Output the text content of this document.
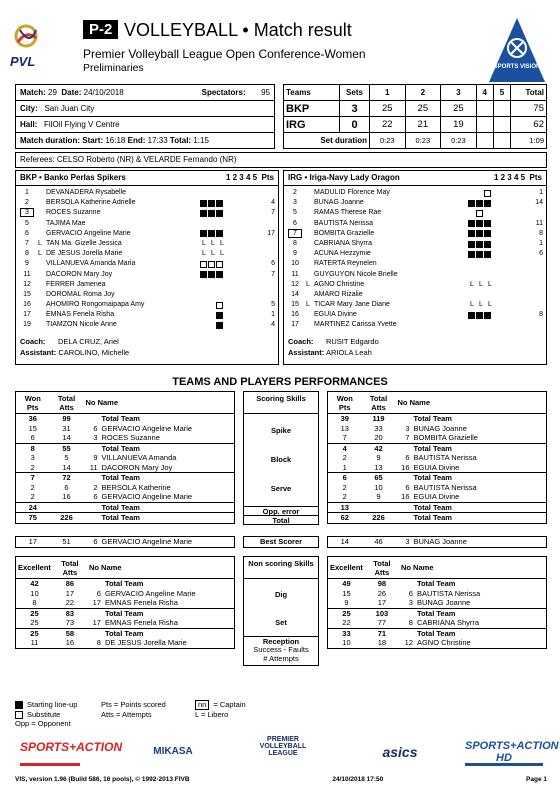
PVL
P-2 VOLLEYBALL • Match result
Premier Volleyball League Open Conference-Women
Preliminaries	SPORTS VISION
Match: 29 Date: 24/10/2018	Spectators:	95
City: San Juan City
Hall: FilOil Flying V Centre
Match duration: Start: 16:18 End: 17:33 Total: 1:15
Teams	Sets	1	2	3	4	5	Total
BKP	3	25	25	25			75
IRG	0	22	21	19			62
Set duration		0:23	0:23	0:23			1:09
Referees: CELSO Roberto (NR) & VELARDE Fernando (NR)
BKP • Banko Perlas Spikers	1 2 3 4 5 Pts
1	DEVANADERA Rysabelle
2	BERSOLA Katherine Adrielle	4
3	ROCES Suzanne	7
5	TAJIMA Mae
6	GERVACIO Angeline Marie	17
7	L TAN Ma. Gizelle Jessica	L L L
8	L DE JESUS Jorella Marie	L L L
9	VILLANUEVA Amanda Maria	6
11	DACORON Mary Joy	7
12	FERRER Jamenea
15	DOROMAL Roma Joy
16	AHOMIRO Rongomaipapa Amy	5
17	EMNAS Fenela Risha	1
19	TIAMZON Nicole Anne	4
Coach: DELA CRUZ, Ariel
Assistant: CAROLINO, Michelle
IRG • Iriga-Navy Lady Oragon	1 2 3 4 5 Pts
2	MADULID Florence May	1
3	BUNAG Joanne	14
5	RAMAS Therese Rae
6	BAUTISTA Nerissa	11
7	BOMBITA Grazielle	8
8	CABRIANA Shyrra	1
9	ACUNA Hezzymie	6
10	RATERTA Reynelen
11	GUYGUYON Nicole Brielle
12	L AGNO Christine	L L L
14	AMARO Rizalie
15	L TICAR Mary Jane Diane	L L L
16	EGUIA Divine	8
17	MARTINEZ Carissa Yvette
Coach: RUSIT Edgardo
Assistant: ARIOLA Leah
TEAMS AND PLAYERS PERFORMANCES
Won Pts	Total Atts	No Name	
36	99		Total Team
15	31	6	GERVACIO Angeline Marie
6	14	3	ROCES Suzanne
8	55		Total Team
3	5	9	VILLANUEVA Amanda
2	14	11	DACORON Mary Joy
7	72		Total Team
2	6	2	BERSOLA Katherine
2	16	6	GERVACIO Angeline Marie
24			Total Team
75	226		Total Team
Won Pts	Total Atts	No Name	
39	119		Total Team
13	33	3	BUNAG Joanne
7	20	7	BOMBITA Grazielle
4	42		Total Team
2	9	6	BAUTISTA Nerissa
1	13	16	EGUIA Divine
6	65		Total Team
2	10	6	BAUTISTA Nerissa
2	9	16	EGUIA Divine
13			Total Team
62	226		Total Team
Scoring Skills
Spike
Block
Serve
Opp. error
Total
17	51	6	GERVACIO Angeline Marie	14	46	3	BUNAG Joanne
Best Scorer
Excellent	Total Atts	No Name	
42	86		Total Team
10	17	6	GERVACIO Angeline Marie
8	22	17	EMNAS Fenela Risha
25	83		Total Team
25	73	17	EMNAS Fenela Risha
25	58		Total Team
11	16	8	DE JESUS Jorella Marie
Excellent	Total Atts	No Name	
49	98		Total Team
15	26	6	BAUTISTA Nerissa
9	17	3	BUNAG Joanne
25	103		Total Team
22	77	8	CABRIANA Shyrra
33	71		Total Team
10	18	12	AGNO Christine
Non scoring Skills
Dig
Set
Reception
Success - Faults
# Attempts
Starting line-up	Pts = Points scored	nn = Captain
Substitute	Atts = Attempts	L = Libero
Opp = Opponent
SPORTS+ACTION	MIKASA
PREMIER VOLLEYBALL LEAGUE	asics	SPORTS+ACTION HD
VIS, version 1.96 (Build 586, 16 pools), © 1992-2013 FIVB	24/10/2018 17:50	Page 1
